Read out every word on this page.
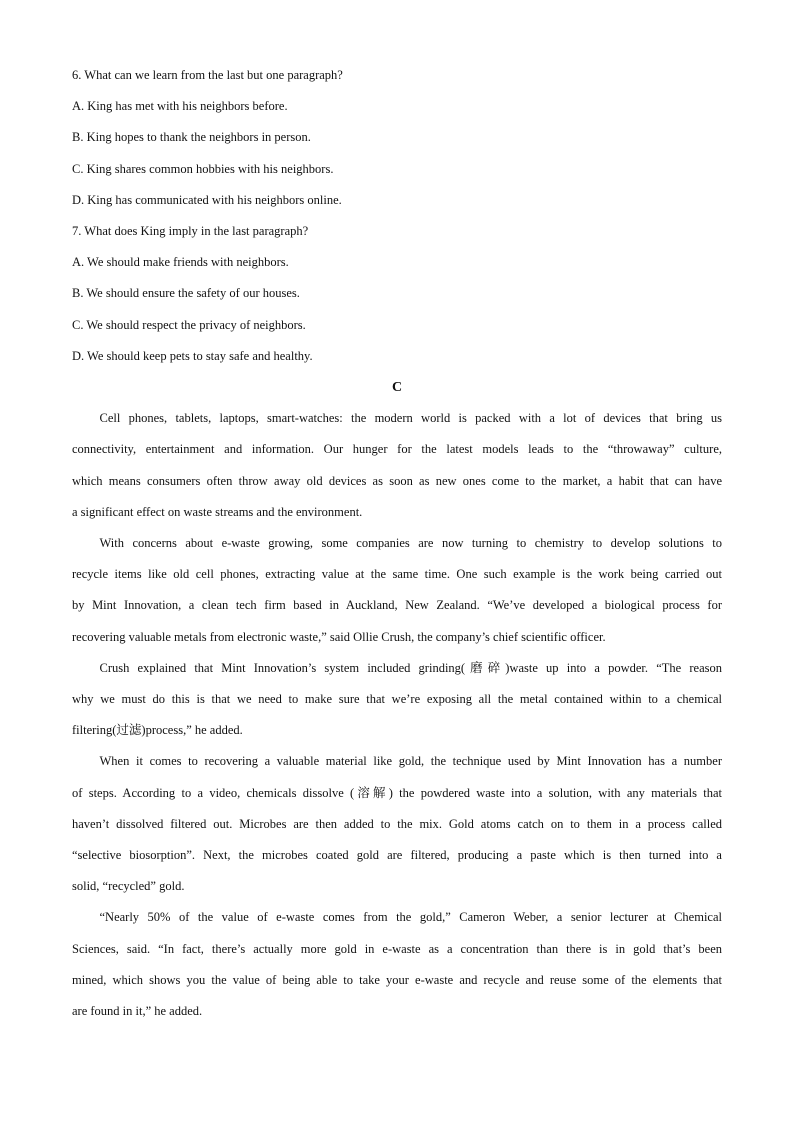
6. What can we learn from the last but one paragraph?

A. King has met with his neighbors before.

B. King hopes to thank the neighbors in person.

C. King shares common hobbies with his neighbors.

D. King has communicated with his neighbors online.

7. What does King imply in the last paragraph?

A. We should make friends with neighbors.

B. We should ensure the safety of our houses.

C. We should respect the privacy of neighbors.

D. We should keep pets to stay safe and healthy.

C

Cell phones, tablets, laptops, smart-watches: the modern world is packed with a lot of devices that bring us
connectivity, entertainment and information. Our hunger for the latest models leads to the “throwaway” culture,
which means consumers often throw away old devices as soon as new ones come to the market, a habit that can have
a significant effect on waste streams and the environment.
With concerns about e-waste growing, some companies are now turning to chemistry to develop solutions to
recycle items like old cell phones, extracting value at the same time. One such example is the work being carried out
by Mint Innovation, a clean tech firm based in Auckland, New Zealand. “We’ve developed a biological process for
recovering valuable metals from electronic waste,” said Ollie Crush, the company’s chief scientific officer.
Crush explained that Mint Innovation’s system included grinding(磨碎)waste up into a powder. “The reason
why we must do this is that we need to make sure that we’re exposing all the metal contained within to a chemical
filtering(过滤)process,” he added.
When it comes to recovering a valuable material like gold, the technique used by Mint Innovation has a number
of steps. According to a video, chemicals dissolve (溶解) the powdered waste into a solution, with any materials that
haven’t dissolved filtered out. Microbes are then added to the mix. Gold atoms catch on to them in a process called
“selective biosorption”. Next, the microbes coated gold are filtered, producing a paste which is then turned into a
solid, “recycled” gold.
“Nearly 50% of the value of e-waste comes from the gold,” Cameron Weber, a senior lecturer at Chemical
Sciences, said. “In fact, there’s actually more gold in e-waste as a concentration than there is in gold that’s been
mined, which shows you the value of being able to take your e-waste and recycle and reuse some of the elements that
are found in it,” he added.
